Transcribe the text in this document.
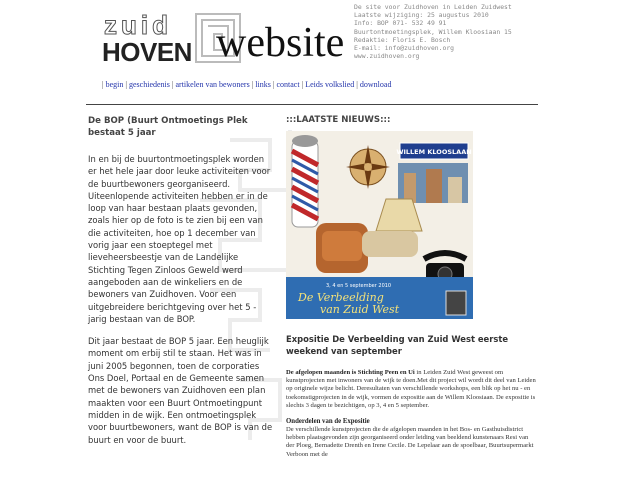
zuid
HOVEN website
De site voor Zuidhoven in Leiden Zuidwest
Laatste wijziging: 25 augustus 2010
Info: BOP 071- 532 49 91
Buurtontmoetingsplek, Willem Kloosiaan 15
Redaktie: Floris E. Bosch
E-mail: info@zuidhoven.org
www.zuidhoven.org
| begin | geschiedenis | artikelen van bewoners | links | contact | Leids volkslied | download
De BOP (Buurt Ontmoetings Plek bestaat 5 jaar

In en bij de buurtontmoetingsplek worden er het hele jaar door leuke activiteiten voor de buurtbewoners georganiseerd. Uiteenlopende activiteiten hebben er in de loop van haar bestaan plaats gevonden, zoals hier op de foto is te zien bij een van die activiteiten, hoe op 1 december van vorig jaar een stoeptegel met lieveheersbeestje van de Landelijke Stichting Tegen Zinloos Geweld werd aangeboden aan de winkeliers en de bewoners van Zuidhoven. Voor een uitgebreidere berichtgeving over het 5 - jarig bestaan van de BOP.

Dit jaar bestaat de BOP 5 jaar. Een heuglijk moment om erbij stil te staan. Het was in juni 2005 begonnen, toen de corporaties Ons Doel, Portaal en de Gemeente samen met de bewoners van Zuidhoven een plan maakten voor een Buurt Ontmoetingpunt midden in de wijk. Een ontmoetingsplek voor buurtbewoners, want de BOP is van de buurt en voor de buurt.

:::LAATSTE NIEUWS:::
WILLEM KLOOSLAAN
3, 4 en 5 september 2010
De Verbeelding
van Zuid West
Expositie De Verbeelding van Zuid West eerste weekend van september

De afgelopen maanden is Stichting Peen en Ui in Leiden Zuid West geweest om kunstprojecten met inwoners van de wijk te doen.Met dit project wil wordt dit deel van Leiden op originele wijze belicht. Deresultaten van verschillende workshops, een blik op het nu - en toekomstigprojecten in de wijk, vormen de expositie aan de Willem Kloosiaan. De expositie is slechts 3 dagen te bezichtigen, op 3, 4 en 5 september.

Onderdelen van de Expositie

De verschillende kunstprojecten die de afgelopen maanden in het Bos- en Gasthuisdistrict hebben plaatsgevonden zijn georganiseerd onder leiding van beeldend kunstenaars Resi van der Ploeg, Bernadette Drenth en Irene Cecile. De Lepelaar aan de spoelbaar, Buurtsupermarkt Verboon met de
